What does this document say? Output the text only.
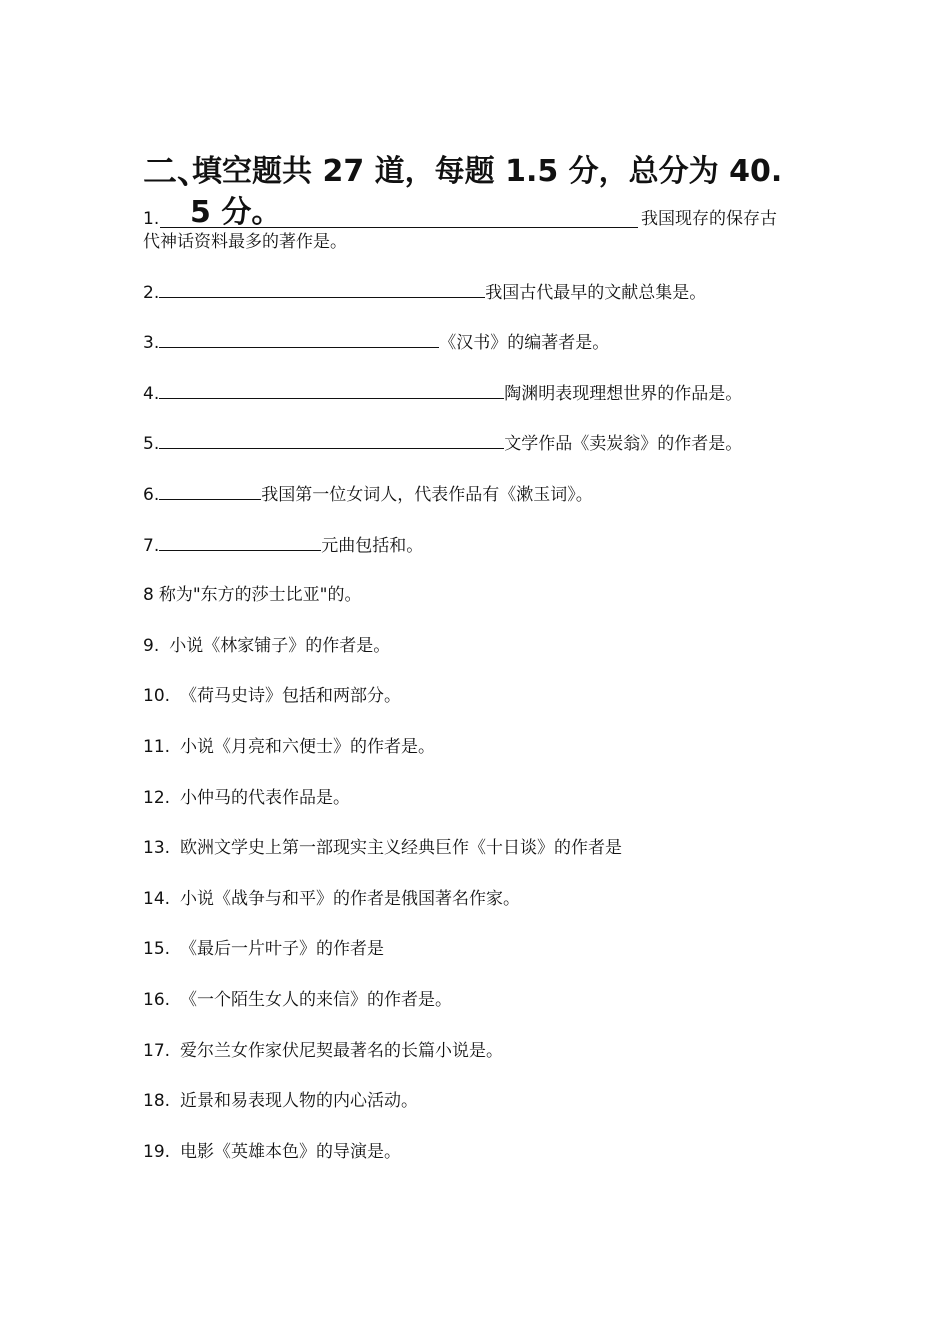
二、
填空题共 27 道，每题 1.5 分，总分为 40.
5 分。
1.	我国现存的保存古
代神话资料最多的著作是。
2.	我国古代最早的文献总集是。
3.	《汉书》的编著者是。
4.	陶渊明表现理想世界的作品是。
5.	文学作品《卖炭翁》的作者是。
6.	我国第一位女词人，代表作品有《漱玉词》。
7.	元曲包括和。
8 称为"东方的莎士比亚"的。
9. 小说《林家铺子》的作者是。
10. 《荷马史诗》包括和两部分。
11. 小说《月亮和六便士》的作者是。
12. 小仲马的代表作品是。
13. 欧洲文学史上第一部现实主义经典巨作《十日谈》的作者是
14. 小说《战争与和平》的作者是俄国著名作家。
15. 《最后一片叶子》的作者是
16. 《一个陌生女人的来信》的作者是。
17. 爱尔兰女作家伏尼契最著名的长篇小说是。
18. 近景和易表现人物的内心活动。
19. 电影《英雄本色》的导演是。
